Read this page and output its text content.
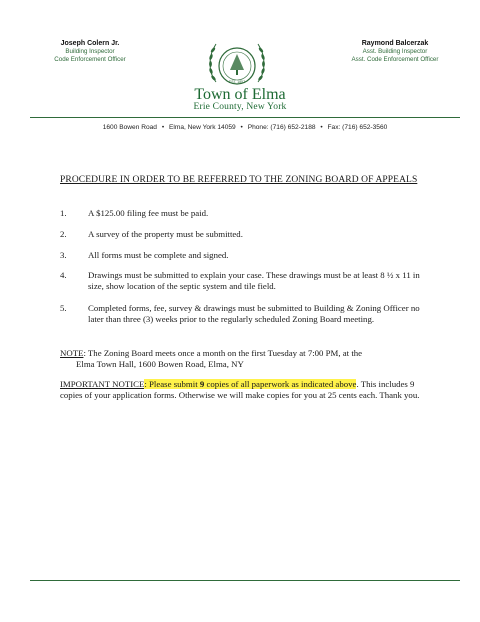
Joseph Colern Jr.
Building Inspector
Code Enforcement Officer
EST. 1857
Raymond Balcerzak
Asst. Building Inspector
Asst. Code Enforcement Officer
Town of Elma
Erie County, New York
1600 Bowen Road • Elma, New York 14059 • Phone: (716) 652-2188 • Fax: (716) 652-3560
PROCEDURE IN ORDER TO BE REFERRED TO THE ZONING BOARD OF APPEALS
1.	A $125.00 filing fee must be paid.
2.	A survey of the property must be submitted.
3.	All forms must be complete and signed.
4.	Drawings must be submitted to explain your case. These drawings must be at least 8 ½ x 11 in size, show location of the septic system and tile field.
5.	Completed forms, fee, survey & drawings must be submitted to Building & Zoning Officer no later than three (3) weeks prior to the regularly scheduled Zoning Board meeting.
NOTE: The Zoning Board meets once a month on the first Tuesday at 7:00 PM, at the
Elma Town Hall, 1600 Bowen Road, Elma, NY
IMPORTANT NOTICE: Please submit 9 copies of all paperwork as indicated above. This includes 9 copies of your application forms. Otherwise we will make copies for you at 25 cents each. Thank you.
